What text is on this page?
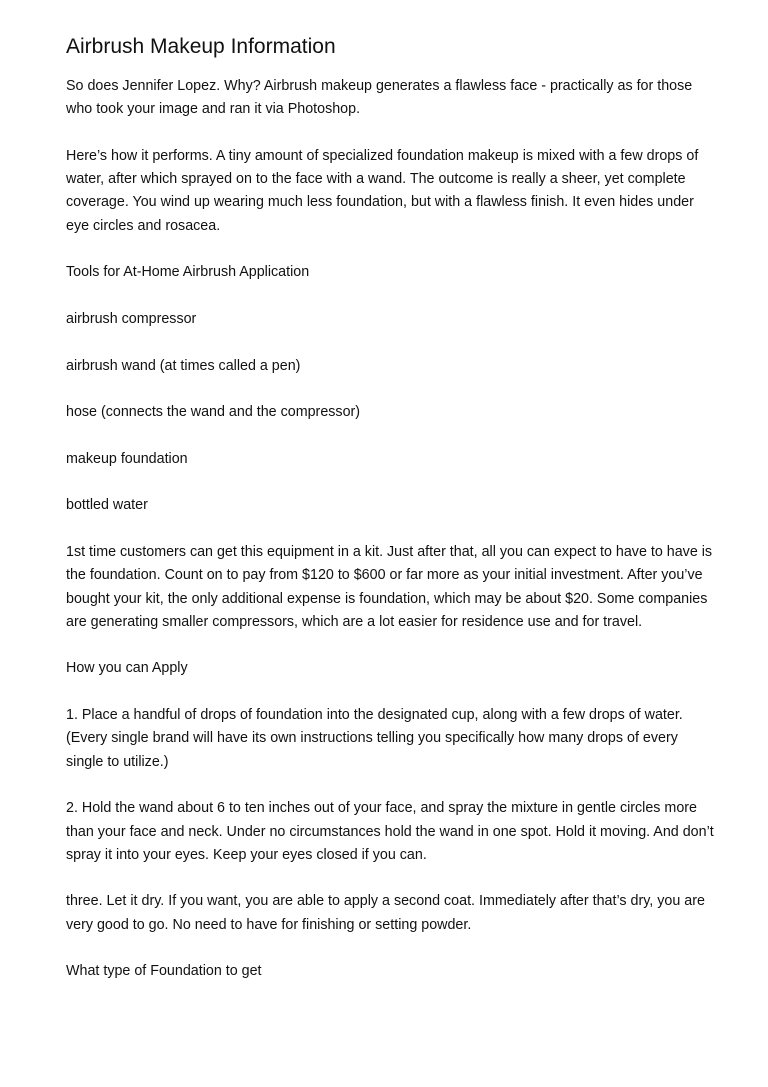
Airbrush Makeup Information

So does Jennifer Lopez. Why? Airbrush makeup generates a flawless face - practically as for those who took your image and ran it via Photoshop.

Here’s how it performs. A tiny amount of specialized foundation makeup is mixed with a few drops of water, after which sprayed on to the face with a wand. The outcome is really a sheer, yet complete coverage. You wind up wearing much less foundation, but with a flawless finish. It even hides under eye circles and rosacea.

Tools for At-Home Airbrush Application

airbrush compressor

airbrush wand (at times called a pen)

hose (connects the wand and the compressor)

makeup foundation

bottled water

1st time customers can get this equipment in a kit. Just after that, all you can expect to have to have is the foundation. Count on to pay from $120 to $600 or far more as your initial investment. After you’ve bought your kit, the only additional expense is foundation, which may be about $20. Some companies are generating smaller compressors, which are a lot easier for residence use and for travel.

How you can Apply

1. Place a handful of drops of foundation into the designated cup, along with a few drops of water. (Every single brand will have its own instructions telling you specifically how many drops of every single to utilize.)

2. Hold the wand about 6 to ten inches out of your face, and spray the mixture in gentle circles more than your face and neck. Under no circumstances hold the wand in one spot. Hold it moving. And don’t spray it into your eyes. Keep your eyes closed if you can.

three. Let it dry. If you want, you are able to apply a second coat. Immediately after that’s dry, you are very good to go. No need to have for finishing or setting powder.

What type of Foundation to get
